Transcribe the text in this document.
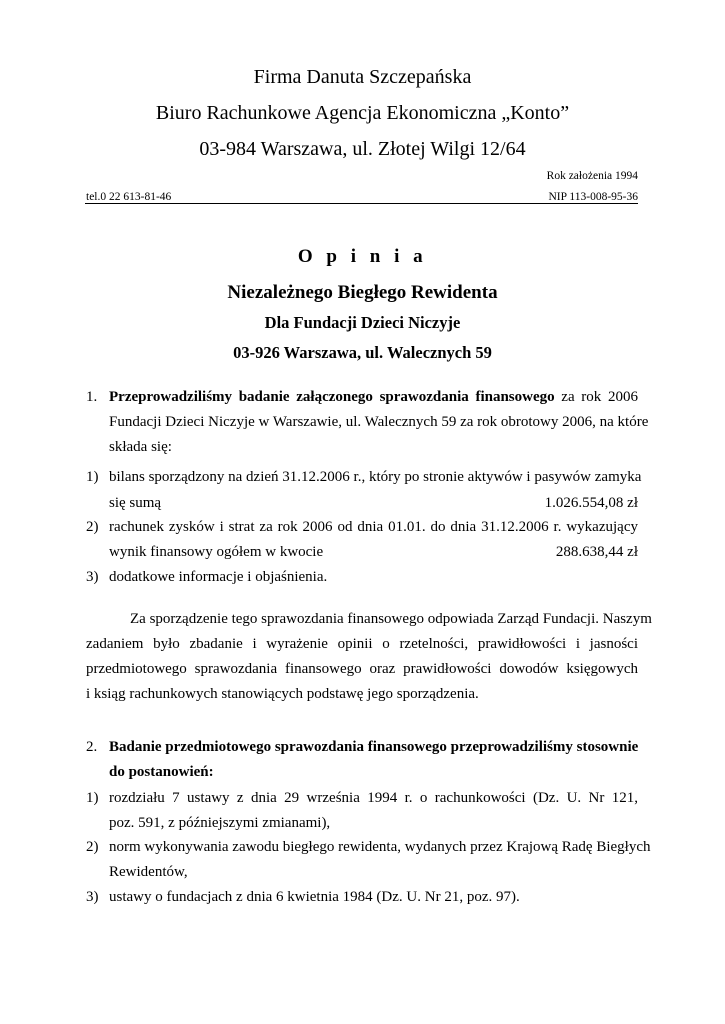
Firma Danuta Szczepańska
Biuro Rachunkowe Agencja Ekonomiczna „Konto”
03-984 Warszawa, ul. Złotej Wilgi 12/64
Rok założenia 1994
tel.0 22 613-81-46	NIP 113-008-95-36
O p i n i a
Niezależnego Biegłego Rewidenta
Dla Fundacji Dzieci Niczyje
03-926 Warszawa, ul. Walecznych 59
1. Przeprowadziliśmy badanie załączonego sprawozdania finansowego za rok 2006
Fundacji Dzieci Niczyje w Warszawie, ul. Walecznych 59 za rok obrotowy 2006, na które
składa się:
1) bilans sporządzony na dzień 31.12.2006 r., który po stronie aktywów i pasywów zamyka
się sumą	1.026.554,08 zł
2) rachunek zysków i strat za rok 2006 od dnia 01.01. do dnia 31.12.2006 r. wykazujący
wynik finansowy ogółem w kwocie	288.638,44 zł
3) dodatkowe informacje i objaśnienia.
Za sporządzenie tego sprawozdania finansowego odpowiada Zarząd Fundacji. Naszym
zadaniem było zbadanie i wyrażenie opinii o rzetelności, prawidłowości i jasności
przedmiotowego sprawozdania finansowego oraz prawidłowości dowodów księgowych
i ksiąg rachunkowych stanowiących podstawę jego sporządzenia.
2. Badanie przedmiotowego sprawozdania finansowego przeprowadziliśmy stosownie
do postanowień:
1) rozdziału 7 ustawy z dnia 29 września 1994 r. o rachunkowości (Dz. U. Nr 121,
poz. 591, z późniejszymi zmianami),
2) norm wykonywania zawodu biegłego rewidenta, wydanych przez Krajową Radę Biegłych
Rewidentów,
3) ustawy o fundacjach z dnia 6 kwietnia 1984 (Dz. U. Nr 21, poz. 97).
